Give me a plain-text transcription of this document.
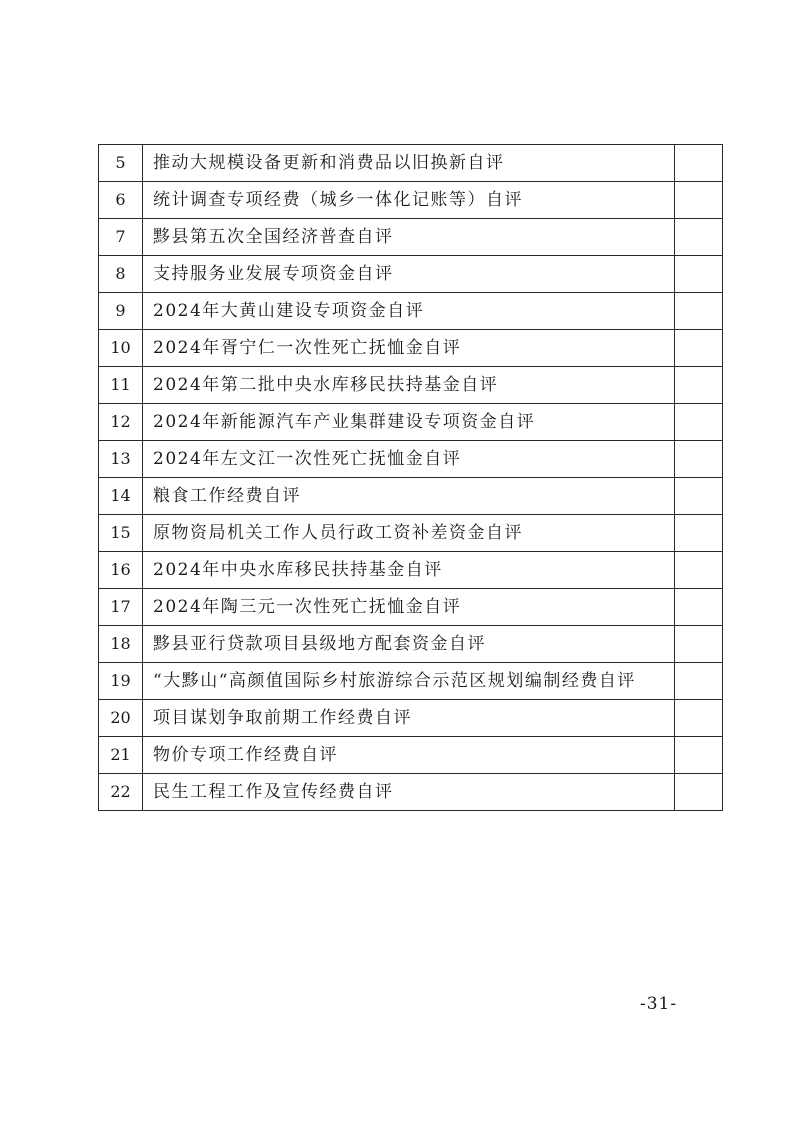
5	推动大规模设备更新和消费品以旧换新自评	
6	统计调查专项经费（城乡一体化记账等）自评	
7	黟县第五次全国经济普查自评	
8	支持服务业发展专项资金自评	
9	2024年大黄山建设专项资金自评	
10	2024年胥宁仁一次性死亡抚恤金自评	
11	2024年第二批中央水库移民扶持基金自评	
12	2024年新能源汽车产业集群建设专项资金自评	
13	2024年左文江一次性死亡抚恤金自评	
14	粮食工作经费自评	
15	原物资局机关工作人员行政工资补差资金自评	
16	2024年中央水库移民扶持基金自评	
17	2024年陶三元一次性死亡抚恤金自评	
18	黟县亚行贷款项目县级地方配套资金自评	
19	“大黟山“高颜值国际乡村旅游综合示范区规划编制经费自评	
20	项目谋划争取前期工作经费自评	
21	物价专项工作经费自评	
22	民生工程工作及宣传经费自评	
-31-
